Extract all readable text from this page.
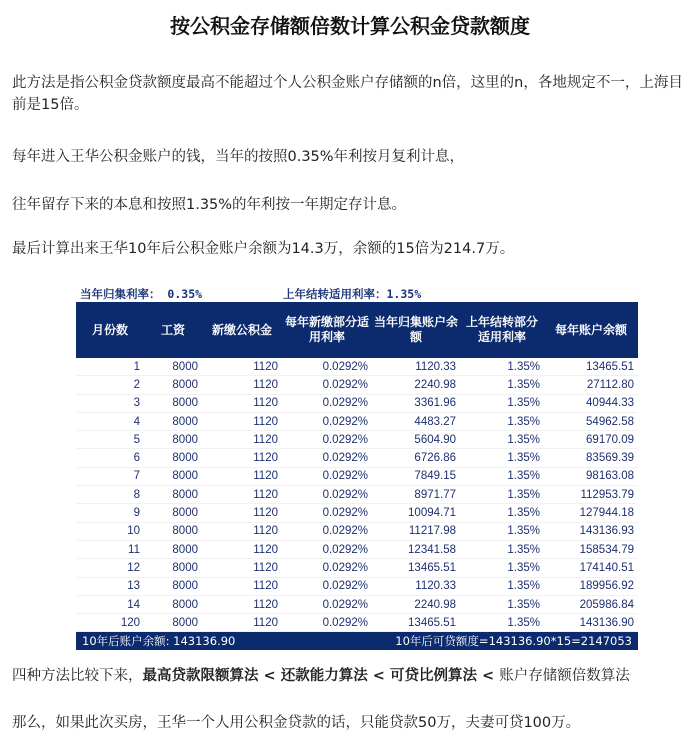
按公积金存储额倍数计算公积金贷款额度
此方法是指公积金贷款额度最高不能超过个人公积金账户存储额的n倍，这里的n，各地规定不一，上海目前是15倍。
每年进入王华公积金账户的钱，当年的按照0.35%年利按月复利计息，
往年留存下来的本息和按照1.35%的年利按一年期定存计息。
最后计算出来王华10年后公积金账户余额为14.3万，余额的15倍为214.7万。
当年归集利率： 0.35%	上年结转适用利率：1.35%
月份数	工资	新缴公积金	每年新缴部分适用利率	当年归集账户余额	上年结转部分适用利率	每年账户余额
1	8000	1120	0.0292%	1120.33	1.35%	13465.51
2	8000	1120	0.0292%	2240.98	1.35%	27112.80
3	8000	1120	0.0292%	3361.96	1.35%	40944.33
4	8000	1120	0.0292%	4483.27	1.35%	54962.58
5	8000	1120	0.0292%	5604.90	1.35%	69170.09
6	8000	1120	0.0292%	6726.86	1.35%	83569.39
7	8000	1120	0.0292%	7849.15	1.35%	98163.08
8	8000	1120	0.0292%	8971.77	1.35%	112953.79
9	8000	1120	0.0292%	10094.71	1.35%	127944.18
10	8000	1120	0.0292%	11217.98	1.35%	143136.93
11	8000	1120	0.0292%	12341.58	1.35%	158534.79
12	8000	1120	0.0292%	13465.51	1.35%	174140.51
13	8000	1120	0.0292%	1120.33	1.35%	189956.92
14	8000	1120	0.0292%	2240.98	1.35%	205986.84
120	8000	1120	0.0292%	13465.51	1.35%	143136.90
10年后账户余额: 143136.90			10年后可贷额度=143136.90*15=2147053			
四种方法比较下来，最高贷款限额算法 < 还款能力算法 < 可贷比例算法 < 账户存储额倍数算法
那么，如果此次买房，王华一个人用公积金贷款的话，只能贷款50万，夫妻可贷100万。
